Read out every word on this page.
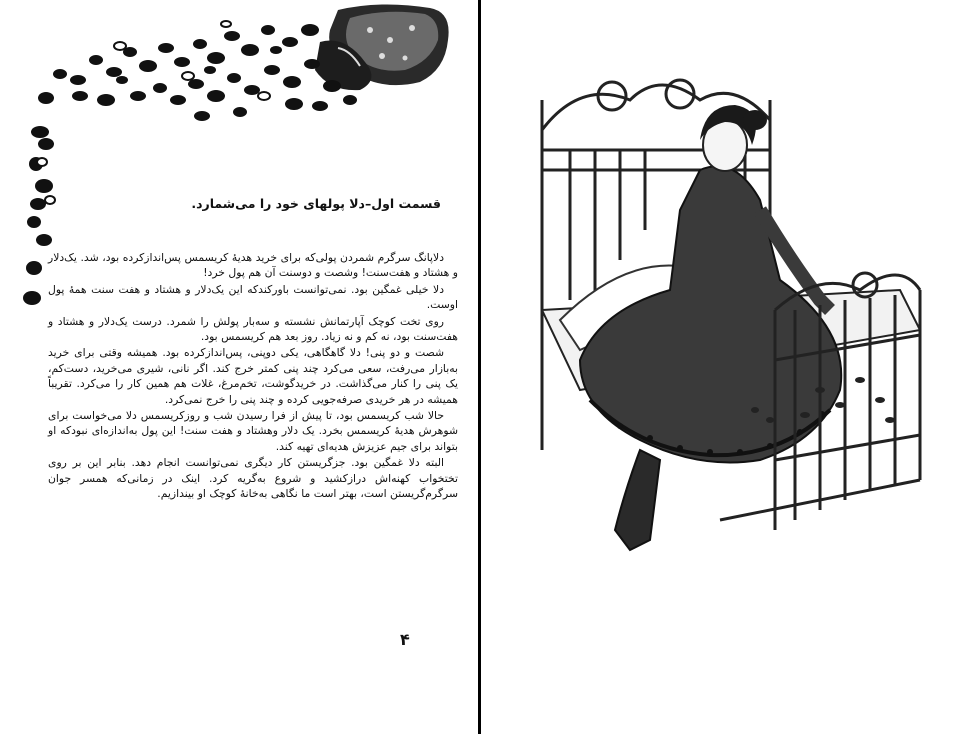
قسمت اول–دلا پولهای خود را می‌شمارد.

دلاپانگ سرگرم شمردن پولی‌که برای خرید هدیهٔ کریسمس پس‌انداز‌کرده بود، شد. یک‌دلار و هشتاد و هفت‌سنت! وشصت و دوسنت آن هم پول خرد!

دلا خیلی غمگین بود. نمی‌توانست باور‌کند‌که این یک‌دلار و هشتاد و هفت سنت همهٔ پول اوست.

روی تخت کوچک آپارتمانش نشسته و سه‌بار پولش را شمرد. درست یک‌دلار و هشتاد و هفت‌سنت بود، نه کم و نه زیاد. روز بعد هم کریسمس بود.

شصت و دو پنی! دلا گاهگاهی، یکی دوپنی، پس‌انداز‌کرده بود. همیشه وقتی برای خرید به‌بازار می‌رفت، سعی می‌کرد چند پنی کمتر خرج کند. اگر نانی، شیری می‌خرید، دست‌کم، یک پنی را کنار می‌گذاشت. در خریدگوشت، تخم‌مرغ، غلات هم همین کار را می‌کرد. تقریباً همیشه در هر خریدی صرفه‌جویی کرده و چند پنی را خرج نمی‌کرد.

حالا شب کریسمس بود، تا پیش از فرا رسیدن شب و روزکریسمس دلا می‌خواست برای شوهرش هدیهٔ کریسمس بخرد. یک دلار وهشتاد و هفت سنت! این پول به‌اندازه‌ای نبود‌که او بتواند برای جیم عزیزش هدیه‌ای تهیه‌ کند.

البته دلا غمگین بود. جزگریستن کار دیگری نمی‌توانست انجام دهد. بنابر این بر روی تختخواب کهنه‌اش درازکشید و شروع به‌گریه کرد. اینک در زمانی‌که همسر جوان سرگرم‌گریستن است، بهتر است ما نگاهی به‌خانهٔ کوچک او بیندازیم.

۴
